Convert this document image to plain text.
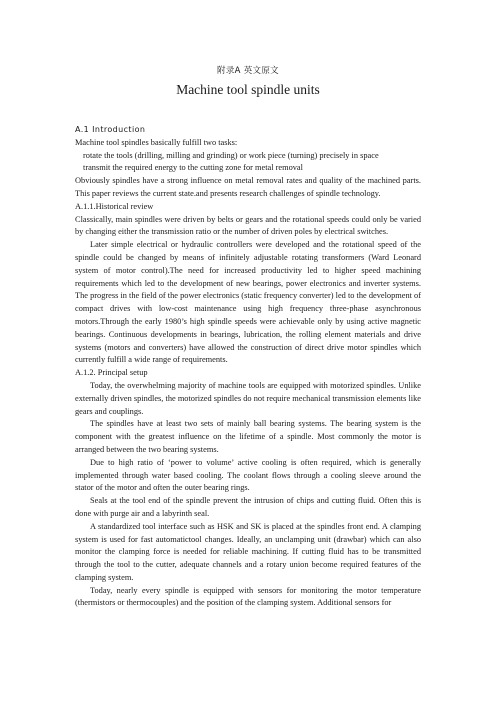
附录A 英文原文
Machine tool spindle units

A.1 Introduction

Machine tool spindles basically fulfill two tasks:

rotate the tools (drilling, milling and grinding) or work piece (turning) precisely in space

transmit the required energy to the cutting zone for metal removal

Obviously spindles have a strong influence on metal removal rates and quality of the machined parts. This paper reviews the current state.and presents research challenges of spindle technology.

A.1.1.Historical review

Classically, main spindles were driven by belts or gears and the rotational speeds could only be varied by changing either the transmission ratio or the number of driven poles by electrical switches.

Later simple electrical or hydraulic controllers were developed and the rotational speed of the spindle could be changed by means of infinitely adjustable rotating transformers (Ward Leonard system of motor control).The need for increased productivity led to higher speed machining requirements which led to the development of new bearings, power electronics and inverter systems. The progress in the field of the power electronics (static frequency converter) led to the development of compact drives with low-cost maintenance using high frequency three-phase asynchronous motors.Through the early 1980’s high spindle speeds were achievable only by using active magnetic bearings. Continuous developments in bearings, lubrication, the rolling element materials and drive systems (motors and converters) have allowed the construction of direct drive motor spindles which currently fulfill a wide range of requirements.

A.1.2. Principal setup

Today, the overwhelming majority of machine tools are equipped with motorized spindles. Unlike externally driven spindles, the motorized spindles do not require mechanical transmission elements like gears and couplings.

The spindles have at least two sets of mainly ball bearing systems. The bearing system is the component with the greatest influence on the lifetime of a spindle. Most commonly the motor is arranged between the two bearing systems.

Due to high ratio of ‘power to volume’ active cooling is often required, which is generally implemented through water based cooling. The coolant flows through a cooling sleeve around the stator of the motor and often the outer bearing rings.

Seals at the tool end of the spindle prevent the intrusion of chips and cutting fluid. Often this is done with purge air and a labyrinth seal.

A standardized tool interface such as HSK and SK is placed at the spindles front end. A clamping system is used for fast automatictool changes. Ideally, an unclamping unit (drawbar) which can also monitor the clamping force is needed for reliable machining. If cutting fluid has to be transmitted through the tool to the cutter, adequate channels and a rotary union become required features of the clamping system.

Today, nearly every spindle is equipped with sensors for monitoring the motor temperature (thermistors or thermocouples) and the position of the clamping system. Additional sensors for
